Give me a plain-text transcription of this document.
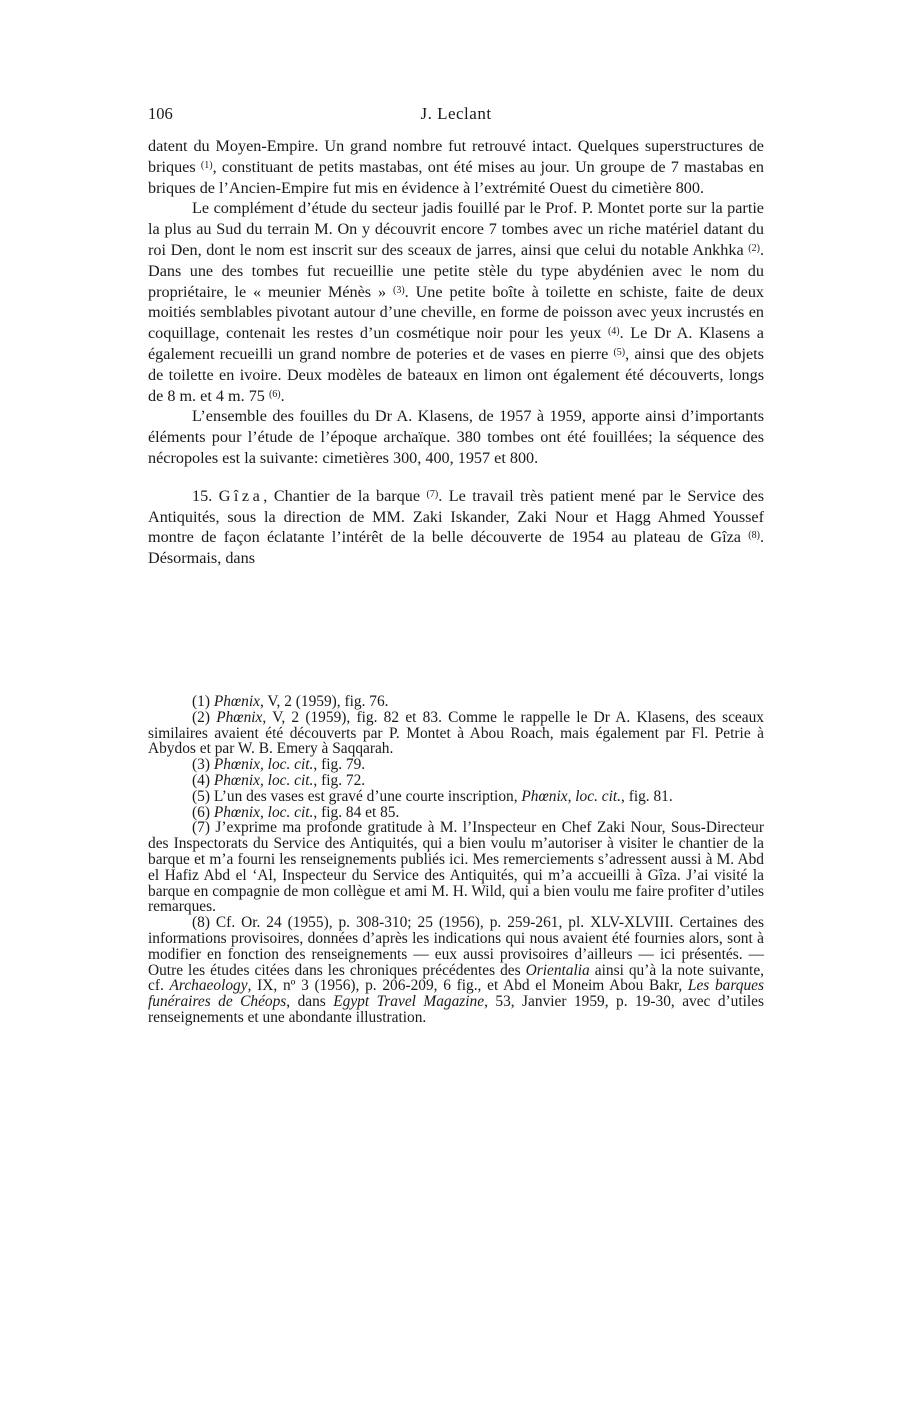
106	J. Leclant

datent du Moyen-Empire. Un grand nombre fut retrouvé intact. Quelques superstructures de briques $^{(1)}$, constituant de petits mastabas, ont été mises au jour. Un groupe de 7 mastabas en briques de l’Ancien-Empire fut mis en évidence à l’extrémité Ouest du cimetière 800.

Le complément d’étude du secteur jadis fouillé par le Prof. P. Montet porte sur la partie la plus au Sud du terrain M. On y découvrit encore 7 tombes avec un riche matériel datant du roi Den, dont le nom est inscrit sur des sceaux de jarres, ainsi que celui du notable Ankhka $^{(2)}$. Dans une des tombes fut recueillie une petite stèle du type abydénien avec le nom du propriétaire, le « meunier Ménès » $^{(3)}$. Une petite boîte à toilette en schiste, faite de deux moitiés semblables pivotant autour d’une cheville, en forme de poisson avec yeux incrustés en coquillage, contenait les restes d’un cosmétique noir pour les yeux $^{(4)}$. Le Dr A. Klasens a également recueilli un grand nombre de poteries et de vases en pierre $^{(5)}$, ainsi que des objets de toilette en ivoire. Deux modèles de bateaux en limon ont également été découverts, longs de 8 m. et 4 m. 75 $^{(6)}$.

L’ensemble des fouilles du Dr A. Klasens, de 1957 à 1959, apporte ainsi d’importants éléments pour l’étude de l’époque archaïque. 380 tombes ont été fouillées; la séquence des nécropoles est la suivante: cimetières 300, 400, 1957 et 800.

15. Gîza, Chantier de la barque $^{(7)}$. Le travail très patient mené par le Service des Antiquités, sous la direction de MM. Zaki Iskander, Zaki Nour et Hagg Ahmed Youssef montre de façon éclatante l’intérêt de la belle découverte de 1954 au plateau de Gîza $^{(8)}$. Désormais, dans

(1) Phœnix, V, 2 (1959), fig. 76.

(2) Phœnix, V, 2 (1959), fig. 82 et 83. Comme le rappelle le Dr A. Klasens, des sceaux similaires avaient été découverts par P. Montet à Abou Roach, mais également par Fl. Petrie à Abydos et par W. B. Emery à Saqqarah.

(3) Phœnix, loc. cit., fig. 79.

(4) Phœnix, loc. cit., fig. 72.

(5) L’un des vases est gravé d’une courte inscription, Phœnix, loc. cit., fig. 81.

(6) Phœnix, loc. cit., fig. 84 et 85.

(7) J’exprime ma profonde gratitude à M. l’Inspecteur en Chef Zaki Nour, Sous-Directeur des Inspectorats du Service des Antiquités, qui a bien voulu m’autoriser à visiter le chantier de la barque et m’a fourni les renseignements publiés ici. Mes remerciements s’adressent aussi à M. Abd el Hafiz Abd el ‘Al, Inspecteur du Service des Antiquités, qui m’a accueilli à Gîza. J’ai visité la barque en compagnie de mon collègue et ami M. H. Wild, qui a bien voulu me faire profiter d’utiles remarques.

(8) Cf. Or. 24 (1955), p. 308-310; 25 (1956), p. 259-261, pl. XLV-XLVIII. Certaines des informations provisoires, données d’après les indications qui nous avaient été fournies alors, sont à modifier en fonction des renseignements — eux aussi provisoires d’ailleurs — ici présentés. — Outre les études citées dans les chroniques précédentes des Orientalia ainsi qu’à la note suivante, cf. Archaeology, IX, nº 3 (1956), p. 206-209, 6 fig., et Abd el Moneim Abou Bakr, Les barques funéraires de Chéops, dans Egypt Travel Magazine, 53, Janvier 1959, p. 19-30, avec d’utiles renseignements et une abondante illustration.
